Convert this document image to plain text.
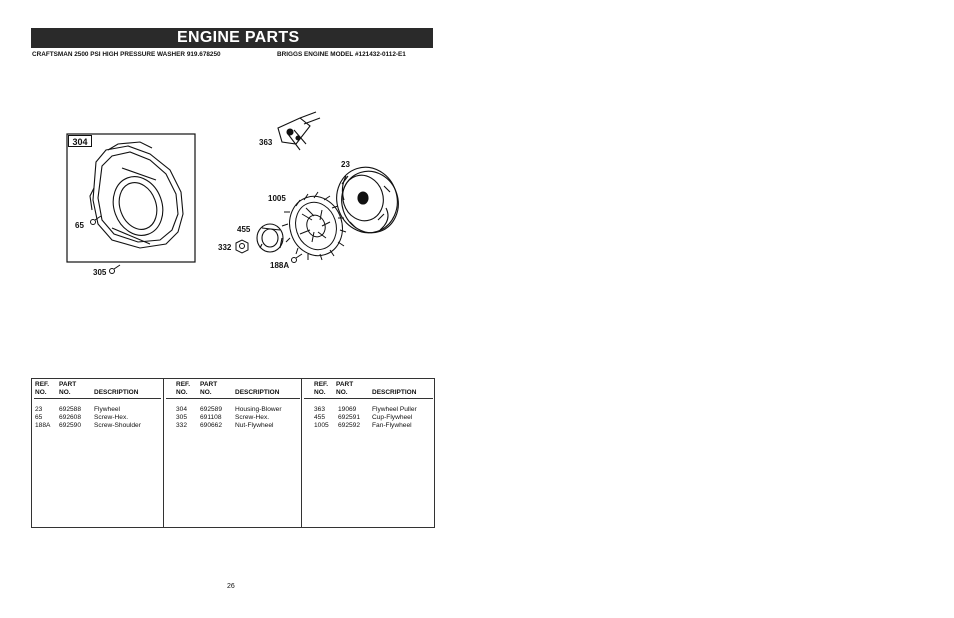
ENGINE PARTS
CRAFTSMAN 2500 PSI HIGH PRESSURE WASHER 919.678250	BRIGGS ENGINE MODEL #121432-0112-E1
304
65
305
363
23
1005
455
332
188A
REF.
NO.
PART
NO.	DESCRIPTION
23	692588 Flywheel
65	692608 Screw-Hex.
188A 692590 Screw-Shoulder
REF.
NO.
PART
NO.	DESCRIPTION
304 692589 Housing-Blower
305 691108 Screw-Hex.
332 690662 Nut-Flywheel
REF.
NO.
PART
NO.	DESCRIPTION
363 19069 Flywheel Puller
455 692591 Cup-Flywheel
1005 692592 Fan-Flywheel
26
